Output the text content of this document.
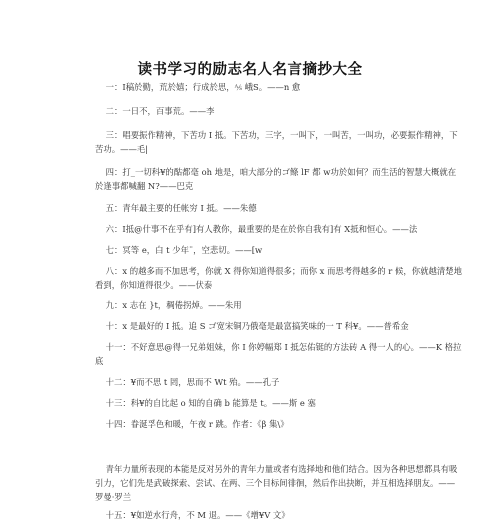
读书学习的励志名人名言摘抄大全
一：I稿於勤，荒於嬉；行成於思，⅍ 峨S。——n 愈
二：一日不，百事荒。——李
三：唱要振作精神，下苦功 I 抵。下苦功，三字，一叫下，一叫苦，一叫功，必要振作精神，下苦功。——毛|
四：打_一切科¥的酤都毫 oh 地是，咱大部分的ゴ鲦 lF 都 w功於如何？而生活的智慧大概就在於逢事都喊翻 N?——巴克
五：青年最主要的任帐穷 I 抵。——朱德
六：I抵@什事不在乎有]有人教你，最重要的是在於你自我有]有 X抵和恒心。——法
七：冥等 e，白 t 少年¨，空悲切。——[w
八：x 的越多而不加思考，你就 X 得你知道得很多；而你 x 而思考得越多的 r 候，你就越清楚地看到，你知道得很少。——伏泰
九：x 志在 }t，稠倦拐焯。——朱用
十：x 是最好的 I 抵。追 S ゴ宽宋铜乃俄毫是最富搞笑味的一 T 科¥。——普希金
十一：不好意思@得一兄弟姐妹，你 I 你婷幅郑 I 抵怎佑铤的方法砖 A 得一人的心。——K 格拉底
十二：¥而不思 t 罔，思而不 Wt 殆。——孔子
十三：科¥的自比起 o 知的自确 b 能算是 t。——斯 e 塞
十四：眷涎孚色和暖，午夜 r 跳。作者：《β 集\》
青年力量所表现的本能是反对另外的青年力量或者有选择地和他们结合。因为各种思想都具有吸引力，它们先是武破探索、尝试、在两、三个目标间徘徊，然后作出抉断，并互相选择朋友。——罗曼·罗兰
十五：¥如逆水行舟，不 M 退。——《增¥V 文》
